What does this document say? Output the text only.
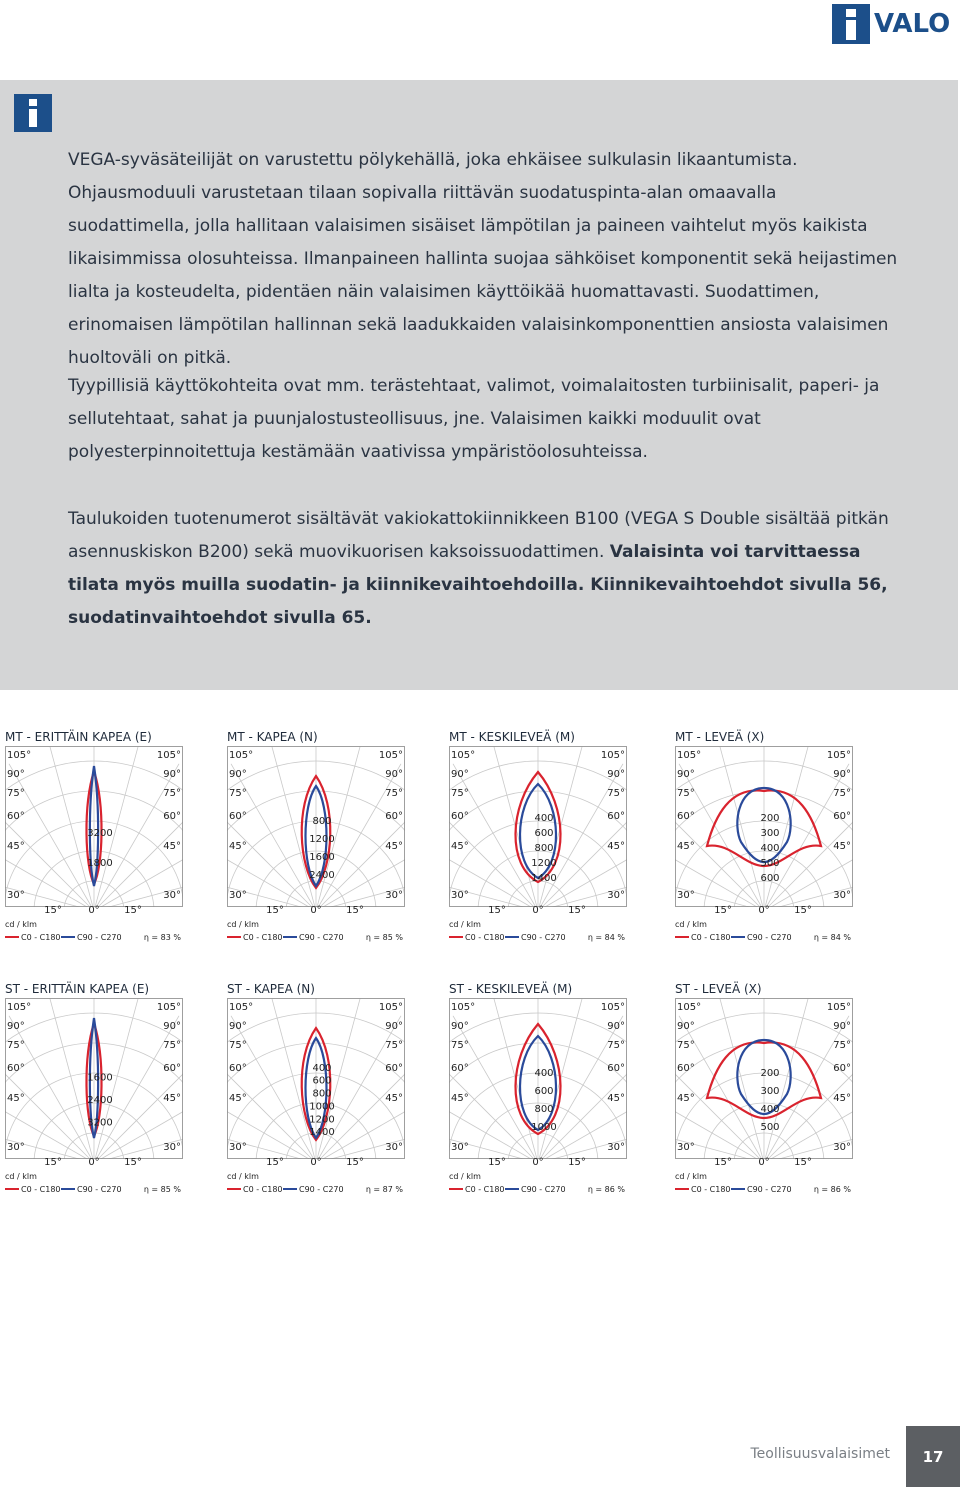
VALO

VEGA-syväsäteilijät on varustettu pölykehällä, joka ehkäisee sulkulasin likaantumista. Ohjausmoduuli varustetaan tilaan sopivalla riittävän suodatuspinta-alan omaavalla suodattimella, jolla hallitaan valaisimen sisäiset lämpötilan ja paineen vaihtelut myös kaikista likaisimmissa olosuhteissa. Ilmanpaineen hallinta suojaa sähköiset komponentit sekä heijastimen lialta ja kosteudelta, pidentäen näin valaisimen käyttöikää huomattavasti. Suodattimen, erinomaisen lämpötilan hallinnan sekä laadukkaiden valaisinkomponenttien ansiosta valaisimen huoltoväli on pitkä.

Tyypillisiä käyttökohteita ovat mm. terästehtaat, valimot, voimalaitosten turbiinisalit, paperi- ja sellutehtaat, sahat ja puunjalostusteollisuus, jne. Valaisimen kaikki moduulit ovat polyesterpinnoitettuja kestämään vaativissa ympäristöolosuhteissa.

Taulukoiden tuotenumerot sisältävät vakiokattokiinnikkeen B100 (VEGA S Double sisältää pitkän asennuskiskon B200) sekä muovikuorisen kaksoissuodattimen. Valaisinta voi tarvittaessa tilata myös muilla suodatin- ja kiinnikevaihtoehdoilla. Kiinnikevaihtoehdot sivulla 56, suodatinvaihtoehdot sivulla 65.

MT - ERITTÄIN KAPEA (E)
105°
90°
75°
60°
45°
30°
105°
90°
75°
60°
45°
30°
15°	0° 15°
3200
1800
cd / klm
C0 - C180 C90 - C270	η = 83 %
MT - KAPEA (N)
105°
90°
75°
60°
45°
30°
105°
90°
75°
60°
45°
30°
15°	0° 15°
800
1200
1600
2400
cd / klm
C0 - C180 C90 - C270	η = 85 %
MT - KESKILEVEÄ (M)
105°
90°
75°
60°
45°
30°
105°
90°
75°
60°
45°
30°
15°	0° 15°
400
600
800
1200
1400
cd / klm
C0 - C180 C90 - C270	η = 84 %
MT - LEVEÄ (X)
105°
90°
75°
60°
45°
30°
105°
90°
75°
60°
45°
30°
15°	0° 15°
200
300
400
500
600
cd / klm
C0 - C180 C90 - C270	η = 84 %
ST - ERITTÄIN KAPEA (E)
105°
90°
75°
60°
45°
30°
105°
90°
75°
60°
45°
30°
15°	0° 15°
1600
2400
3200
cd / klm
C0 - C180 C90 - C270	η = 85 %
ST - KAPEA (N)
105°
90°
75°
60°
45°
30°
105°
90°
75°
60°
45°
30°
15°	0° 15°
400
600
800
1000
1200
1400
cd / klm
C0 - C180 C90 - C270	η = 87 %
ST - KESKILEVEÄ (M)
105°
90°
75°
60°
45°
30°
105°
90°
75°
60°
45°
30°
15°	0° 15°
400
600
800
1000
cd / klm
C0 - C180 C90 - C270	η = 86 %
ST - LEVEÄ (X)
105°
90°
75°
60°
45°
30°
105°
90°
75°
60°
45°
30°
15°	0° 15°
200
300
400
500
cd / klm
C0 - C180 C90 - C270	η = 86 %
Teollisuusvalaisimet	17
